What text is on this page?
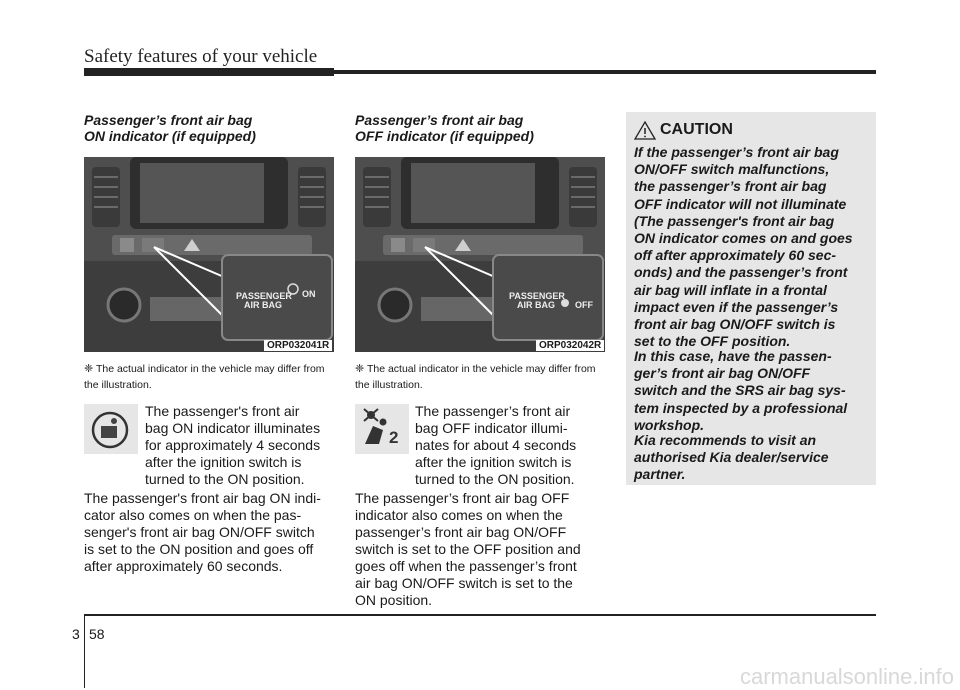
Safety features of your vehicle
Passenger’s front air bag
ON indicator (if equipped)
PASSENGER
AIR BAG
ON
ORP032041R
❈ The actual indicator in the vehicle may differ from the illustration.
The passenger's front air
bag ON indicator illuminates
for approximately 4 seconds
after the ignition switch is
turned to the ON position.
The passenger's front air bag ON indi-
cator also comes on when the pas-
senger's front air bag ON/OFF switch
is set to the ON position and goes off
after approximately 60 seconds.
Passenger’s front air bag
OFF indicator (if equipped)
PASSENGER
AIR BAG OFF
ORP032042R
❈ The actual indicator in the vehicle may differ from the illustration.
2
The passenger’s front air
bag OFF indicator illumi-
nates for about 4 seconds
after the ignition switch is
turned to the ON position.
The passenger’s front air bag OFF
indicator also comes on when the
passenger’s front air bag ON/OFF
switch is set to the OFF position and
goes off when the passenger’s front
air bag ON/OFF switch is set to the
ON position.
CAUTION
If the passenger’s front air bag
ON/OFF switch malfunctions,
the passenger’s front air bag
OFF indicator will not illuminate
(The passenger's front air bag
ON indicator comes on and goes
off after approximately 60 sec-
onds) and the passenger’s front
air bag will inflate in a frontal
impact even if the passenger’s
front air bag ON/OFF switch is
set to the OFF position.
In this case, have the passen-
ger’s front air bag ON/OFF
switch and the SRS air bag sys-
tem inspected by a professional
workshop.
Kia recommends to visit an
authorised Kia dealer/service
partner.
3 58
carmanualsonline.info
